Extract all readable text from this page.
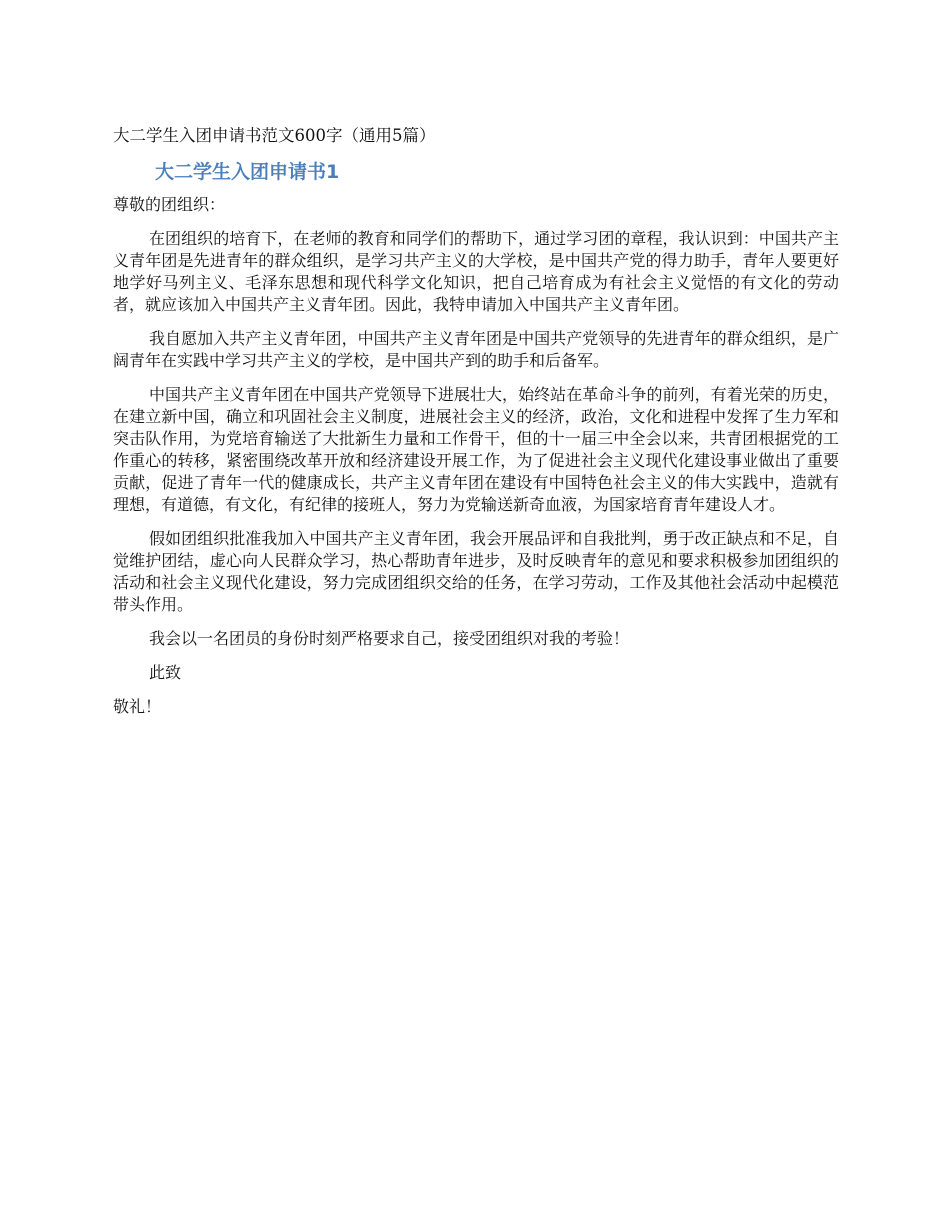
大二学生入团申请书范文600字（通用5篇）
大二学生入团申请书1
尊敬的团组织：

在团组织的培育下，在老师的教育和同学们的帮助下，通过学习团的章程，我认识到：中国共产主义青年团是先进青年的群众组织，是学习共产主义的大学校，是中国共产党的得力助手，青年人要更好地学好马列主义、毛泽东思想和现代科学文化知识，把自己培育成为有社会主义觉悟的有文化的劳动者，就应该加入中国共产主义青年团。因此，我特申请加入中国共产主义青年团。

我自愿加入共产主义青年团，中国共产主义青年团是中国共产党领导的先进青年的群众组织，是广阔青年在实践中学习共产主义的学校，是中国共产到的助手和后备军。

中国共产主义青年团在中国共产党领导下进展壮大，始终站在革命斗争的前列，有着光荣的历史，在建立新中国，确立和巩固社会主义制度，进展社会主义的经济，政治，文化和进程中发挥了生力军和突击队作用，为党培育输送了大批新生力量和工作骨干，但的十一届三中全会以来，共青团根据党的工作重心的转移，紧密围绕改革开放和经济建设开展工作，为了促进社会主义现代化建设事业做出了重要贡献，促进了青年一代的健康成长，共产主义青年团在建设有中国特色社会主义的伟大实践中，造就有理想，有道德，有文化，有纪律的接班人，努力为党输送新奇血液，为国家培育青年建设人才。

假如团组织批准我加入中国共产主义青年团，我会开展品评和自我批判，勇于改正缺点和不足，自觉维护团结，虚心向人民群众学习，热心帮助青年进步，及时反映青年的意见和要求积极参加团组织的活动和社会主义现代化建设，努力完成团组织交给的任务，在学习劳动，工作及其他社会活动中起模范带头作用。

我会以一名团员的身份时刻严格要求自己，接受团组织对我的考验！

此致
敬礼！
